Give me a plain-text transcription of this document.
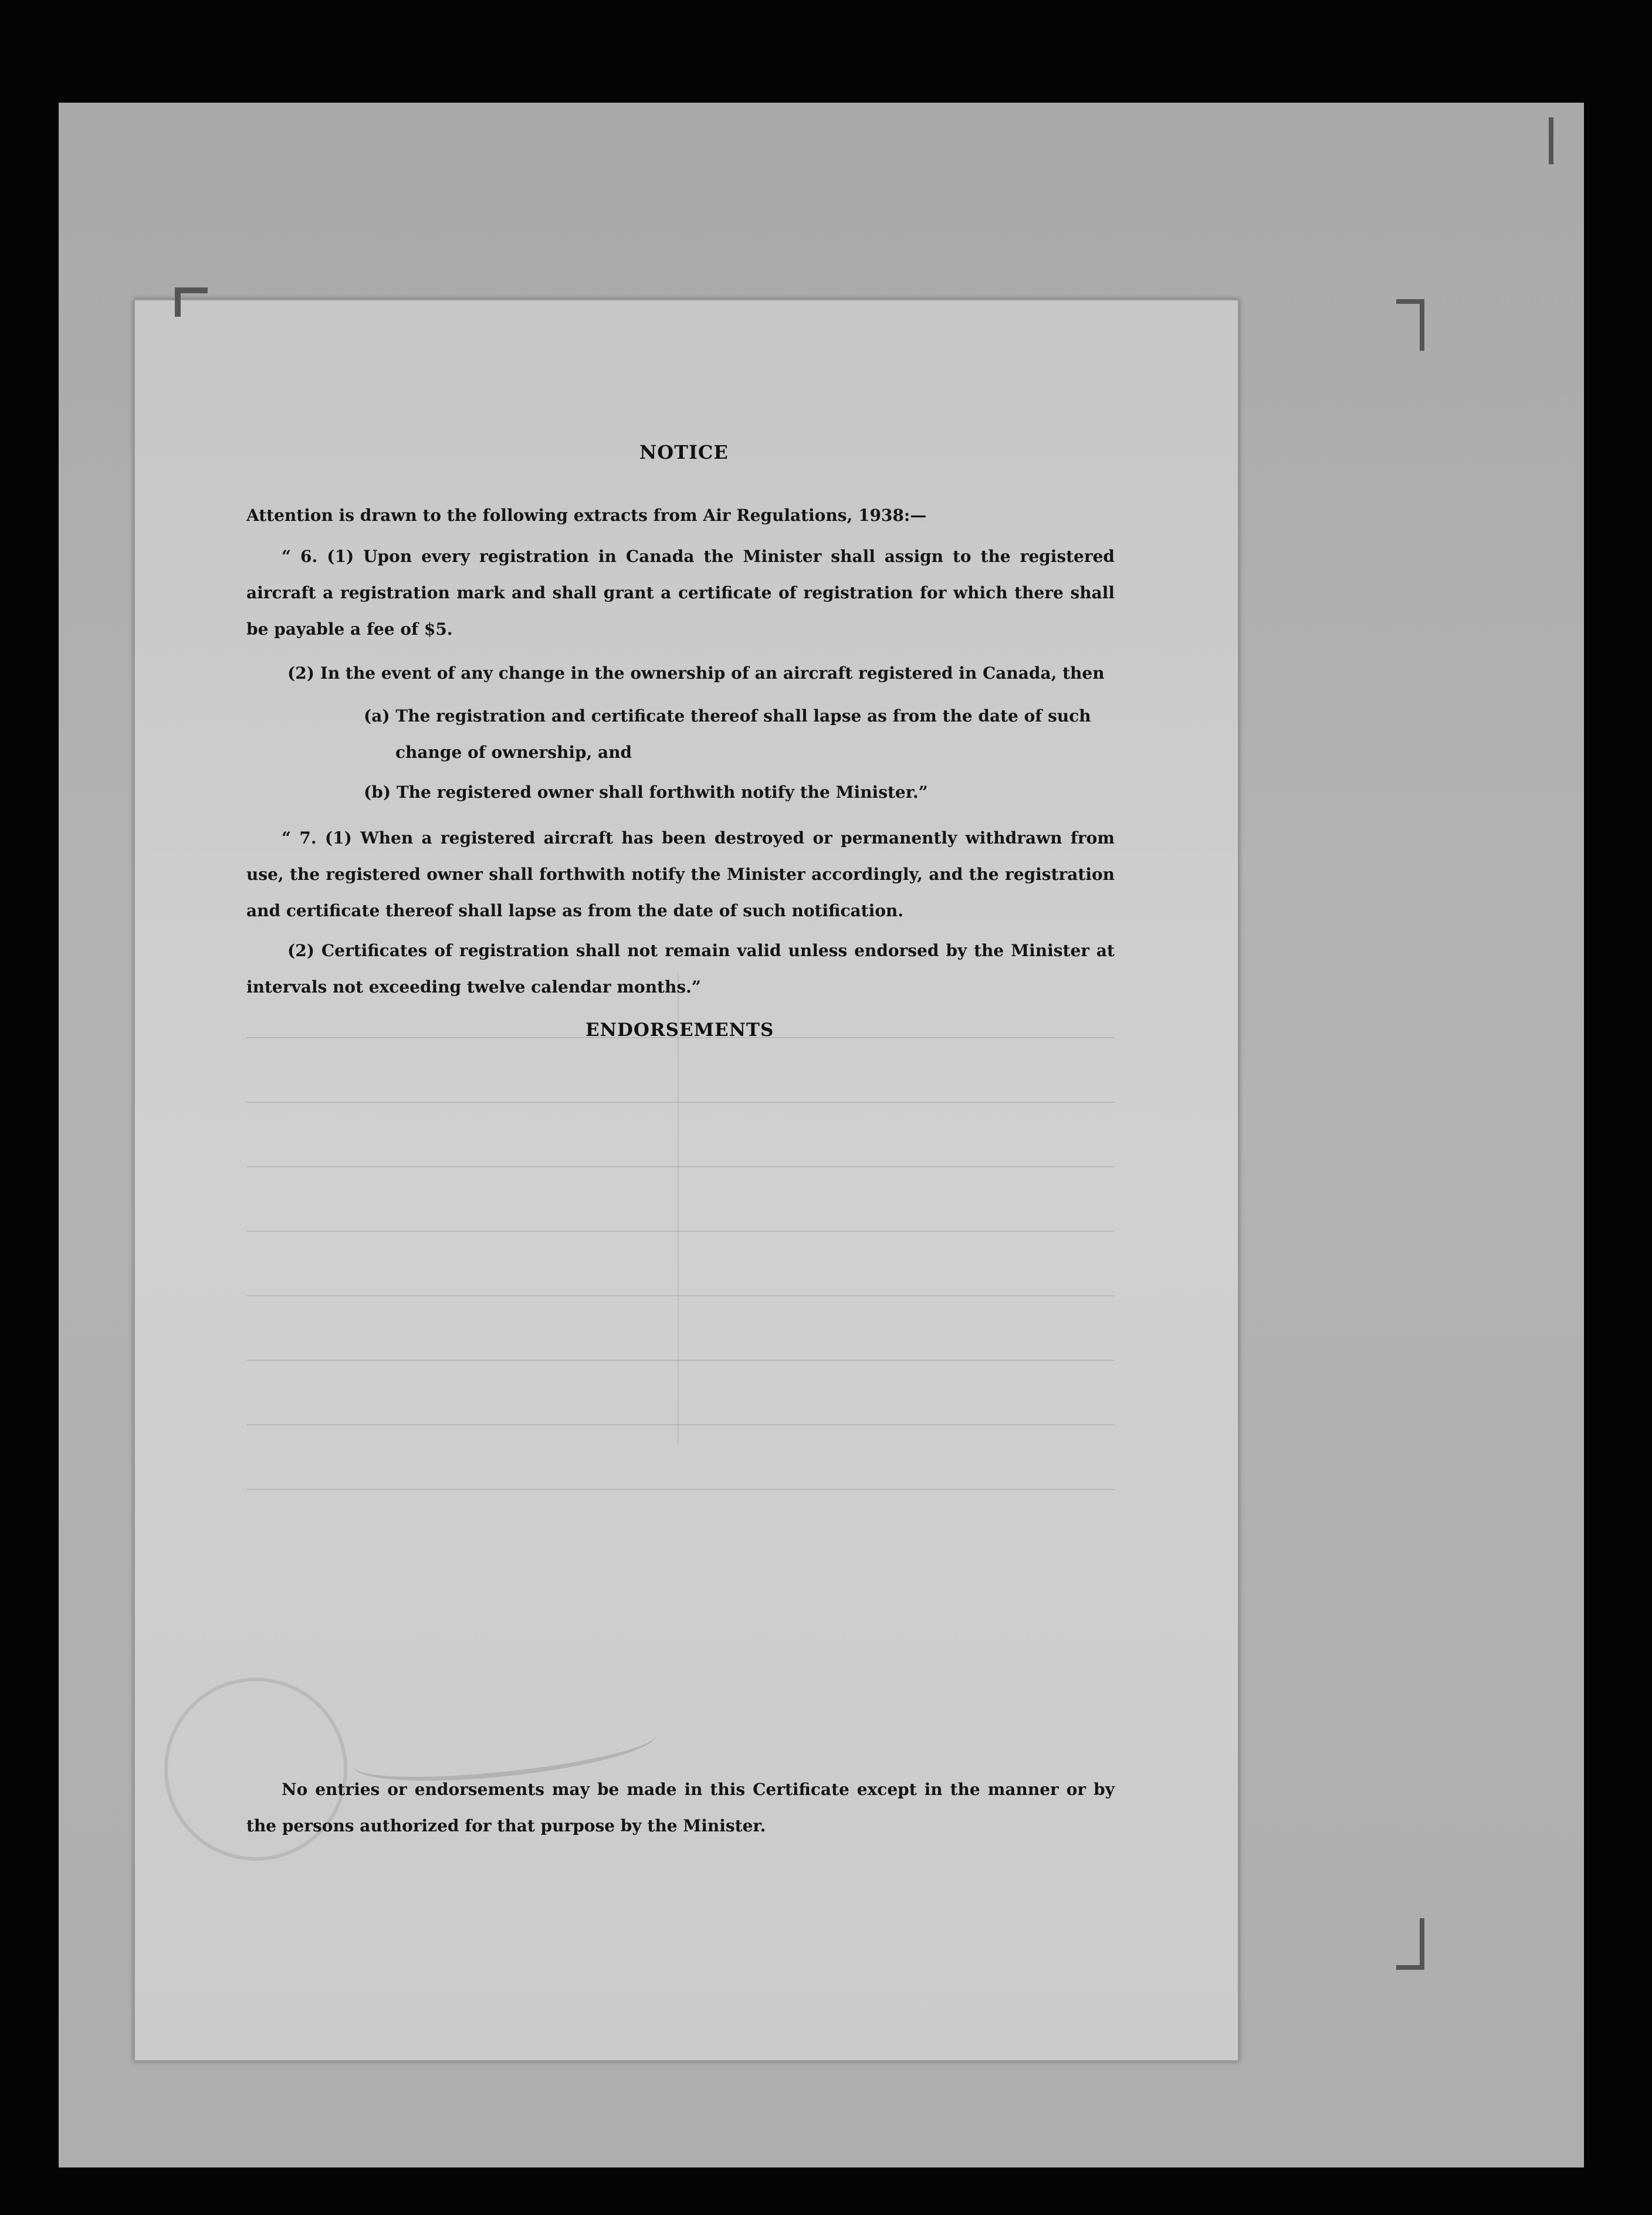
NOTICE

Attention is drawn to the following extracts from Air Regulations, 1938:—

“ 6. (1) Upon every registration in Canada the Minister shall assign to the registered aircraft a registration mark and shall grant a certificate of registration for which there shall be payable a fee of $5.

(2) In the event of any change in the ownership of an aircraft registered in Canada, then

(a) The registration and certificate thereof shall lapse as from the date of such change of ownership, and

(b) The registered owner shall forthwith notify the Minister.”

“ 7. (1) When a registered aircraft has been destroyed or permanently withdrawn from use, the registered owner shall forthwith notify the Minister accordingly, and the registration and certificate thereof shall lapse as from the date of such notification.

(2) Certificates of registration shall not remain valid unless endorsed by the Minister at intervals not exceeding twelve calendar months.”

ENDORSEMENTS

No entries or endorsements may be made in this Certificate except in the manner or by the persons authorized for that purpose by the Minister.
